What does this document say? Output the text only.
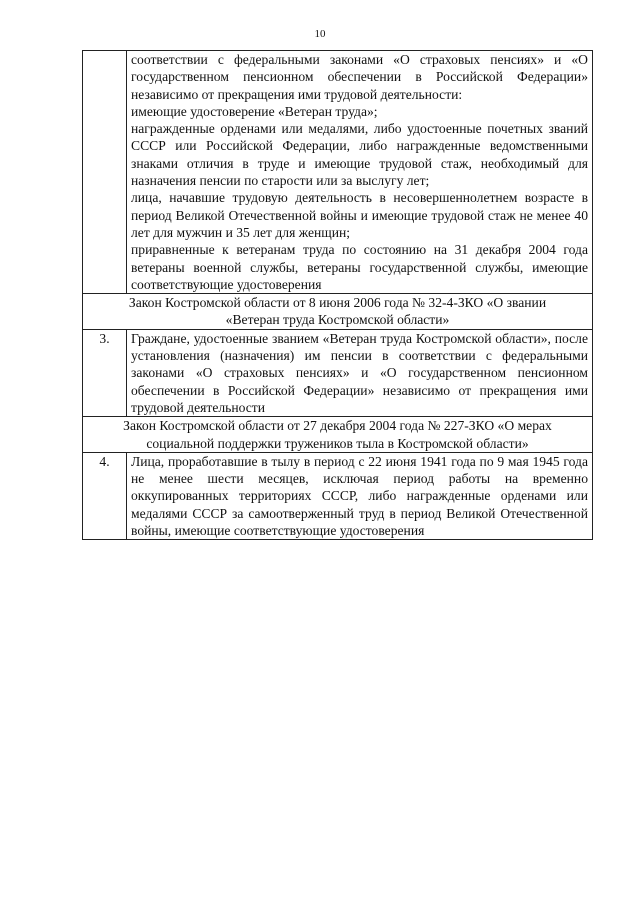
10

	соответствии с федеральными законами «О страховых пенсиях» и «О государственном пенсионном обеспечении в Российской Федерации» независимо от прекращения ими трудовой деятельности:

имеющие удостоверение «Ветеран труда»;

награжденные орденами или медалями, либо удостоенные почетных званий СССР или Российской Федерации, либо награжденные ведомственными знаками отличия в труде и имеющие трудовой стаж, необходимый для назначения пенсии по старости или за выслугу лет;

лица, начавшие трудовую деятельность в несовершеннолетнем возрасте в период Великой Отечественной войны и имеющие трудовой стаж не менее 40 лет для мужчин и 35 лет для женщин;

приравненные к ветеранам труда по состоянию на 31 декабря 2004 года ветераны военной службы, ветераны государственной службы, имеющие соответствующие удостоверения

Закон Костромской области от 8 июня 2006 года № 32-4-ЗКО «О звании
«Ветеран труда Костромской области»	

3.	Граждане, удостоенные званием «Ветеран труда Костромской области», после установления (назначения) им пенсии в соответствии с федеральными законами «О страховых пенсиях» и «О государственном пенсионном обеспечении в Российской Федерации» независимо от прекращения ими трудовой деятельности

Закон Костромской области от 27 декабря 2004 года № 227-ЗКО «О мерах
социальной поддержки тружеников тыла в Костромской области»	

4.	Лица, проработавшие в тылу в период с 22 июня 1941 года по 9 мая 1945 года не менее шести месяцев, исключая период работы на временно оккупированных территориях СССР, либо награжденные орденами или медалями СССР за самоотверженный труд в период Великой Отечественной войны, имеющие соответствующие удостоверения
